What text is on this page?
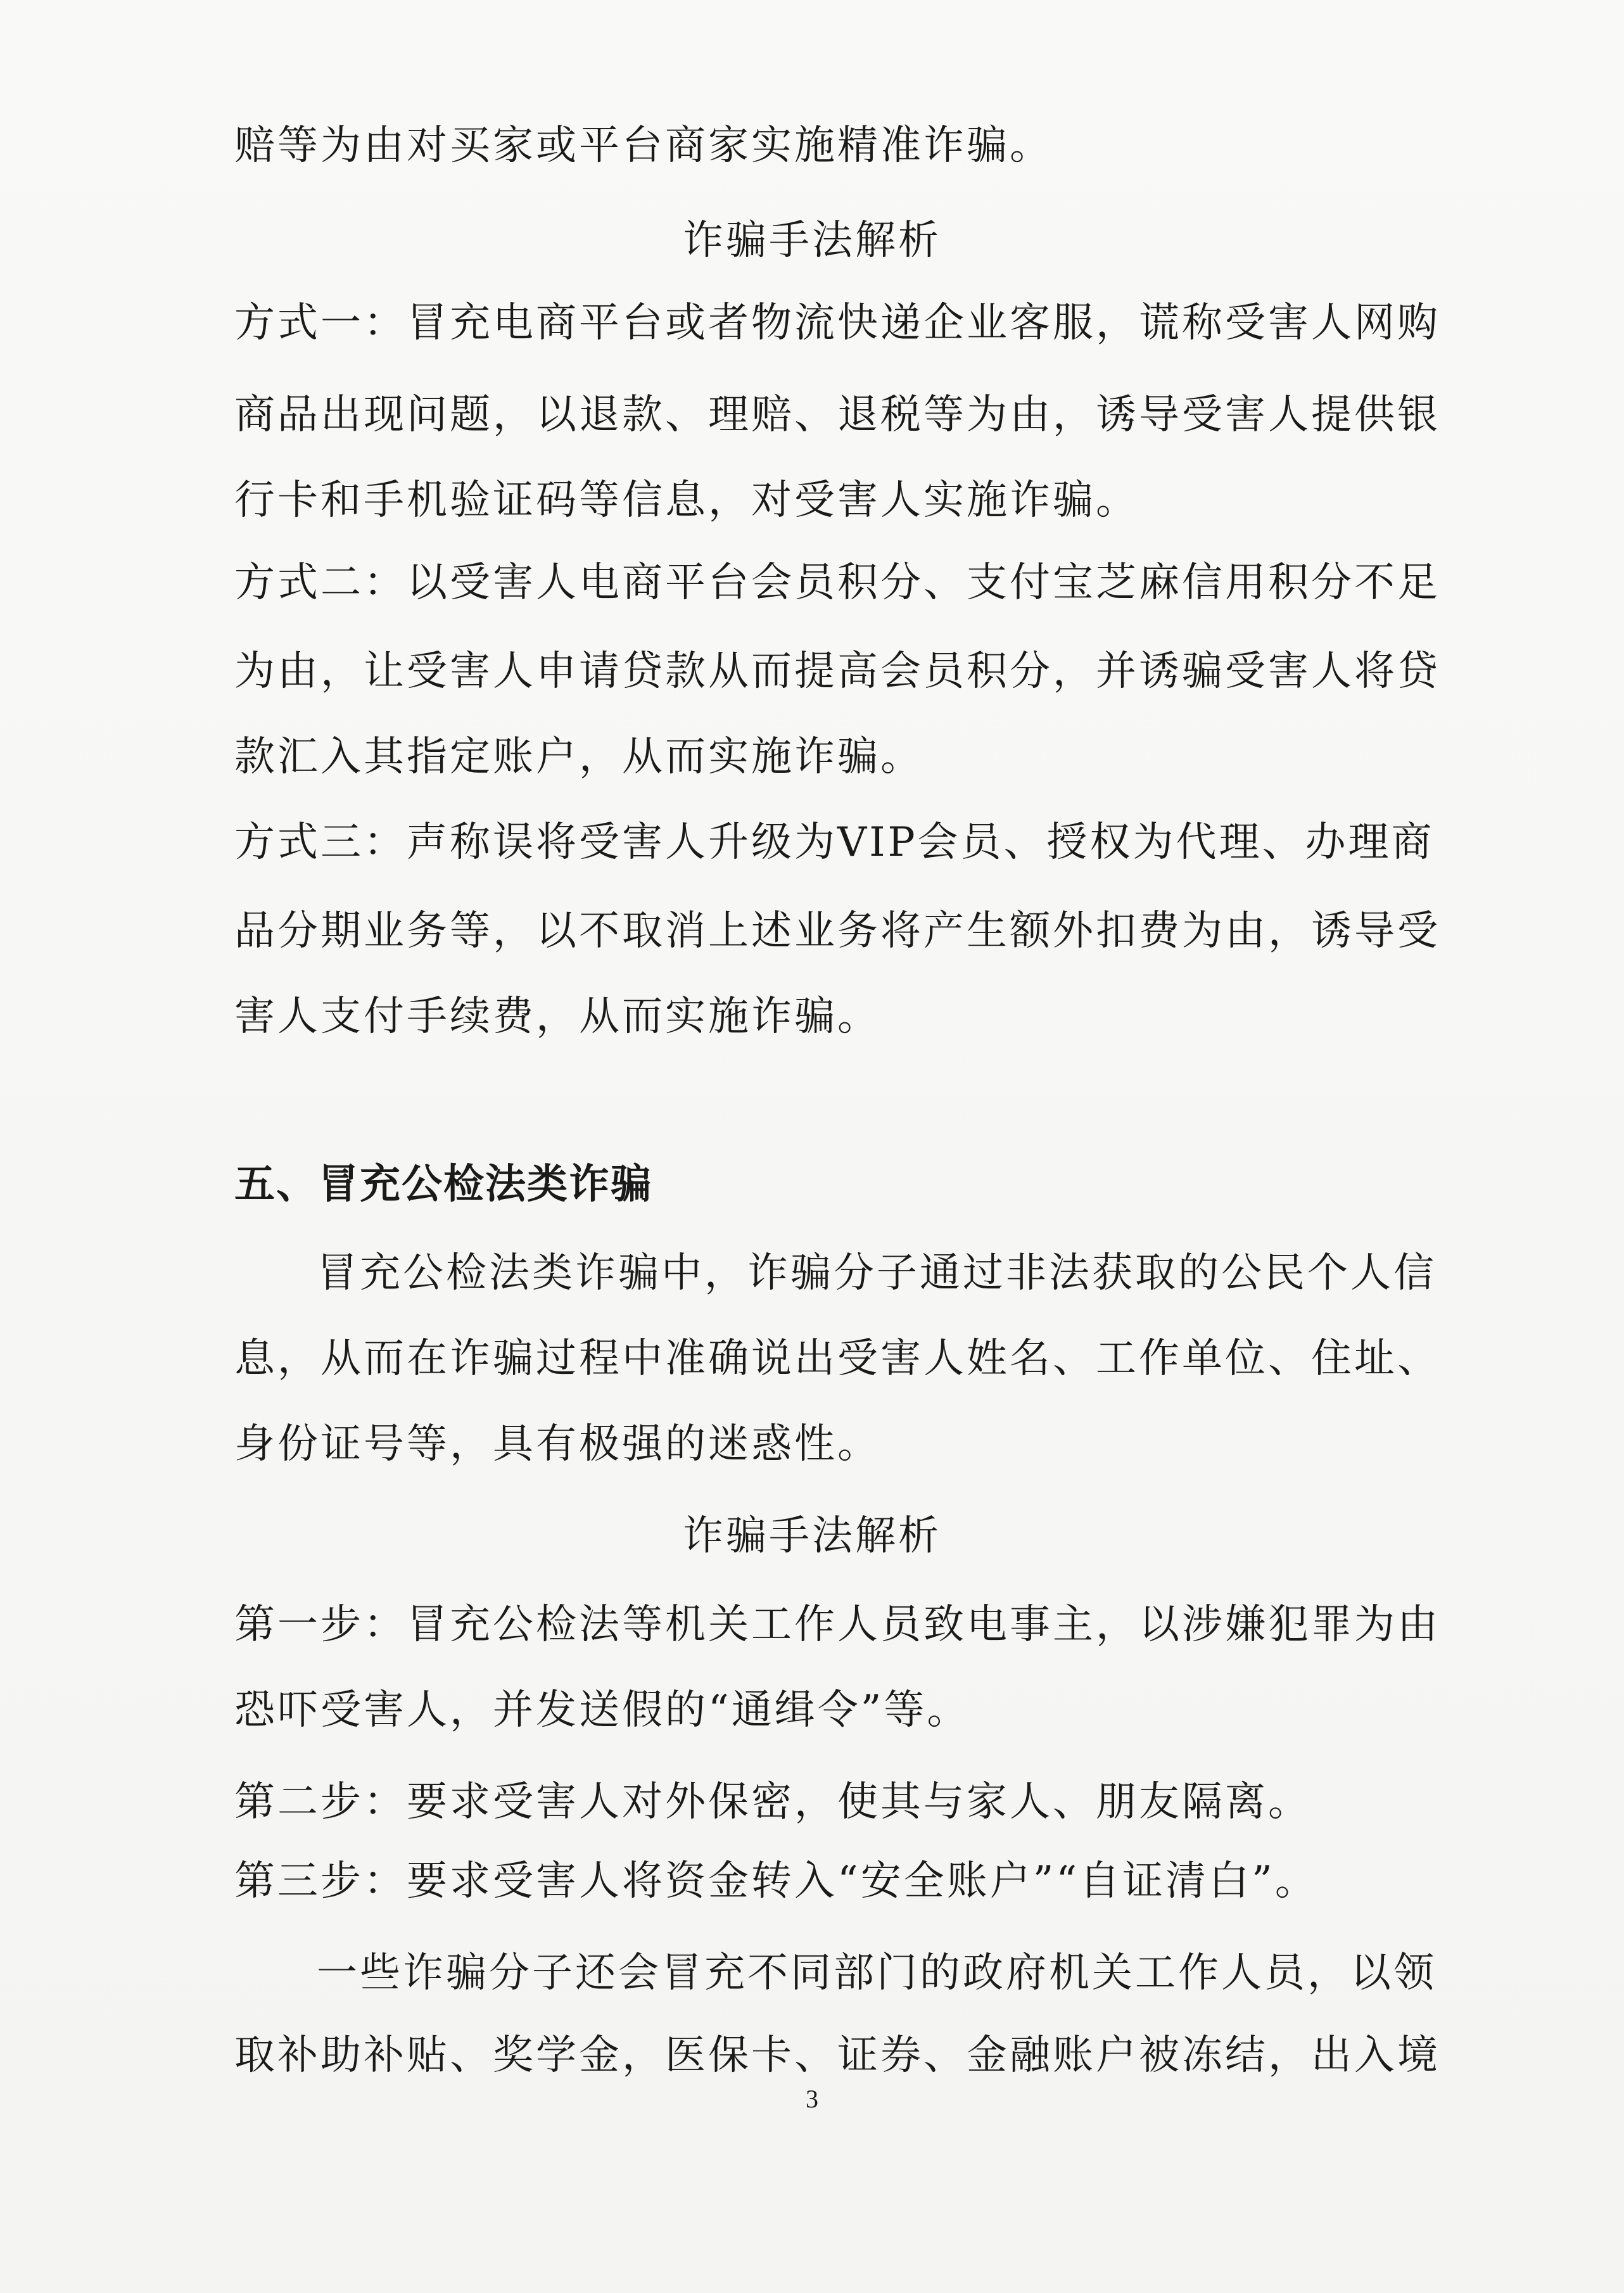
赔等为由对买家或平台商家实施精准诈骗。
诈骗手法解析
方式一：冒充电商平台或者物流快递企业客服，谎称受害人网购
商品出现问题，以退款、理赔、退税等为由，诱导受害人提供银
行卡和手机验证码等信息，对受害人实施诈骗。
方式二：以受害人电商平台会员积分、支付宝芝麻信用积分不足
为由，让受害人申请贷款从而提高会员积分，并诱骗受害人将贷
款汇入其指定账户，从而实施诈骗。
方式三：声称误将受害人升级为VIP会员、授权为代理、办理商
品分期业务等，以不取消上述业务将产生额外扣费为由，诱导受
害人支付手续费，从而实施诈骗。
五、冒充公检法类诈骗
冒充公检法类诈骗中，诈骗分子通过非法获取的公民个人信
息，从而在诈骗过程中准确说出受害人姓名、工作单位、住址、
身份证号等，具有极强的迷惑性。
诈骗手法解析
第一步：冒充公检法等机关工作人员致电事主，以涉嫌犯罪为由
恐吓受害人，并发送假的“通缉令”等。
第二步：要求受害人对外保密，使其与家人、朋友隔离。
第三步：要求受害人将资金转入“安全账户”“自证清白”。
一些诈骗分子还会冒充不同部门的政府机关工作人员，以领
取补助补贴、奖学金，医保卡、证券、金融账户被冻结，出入境
3
